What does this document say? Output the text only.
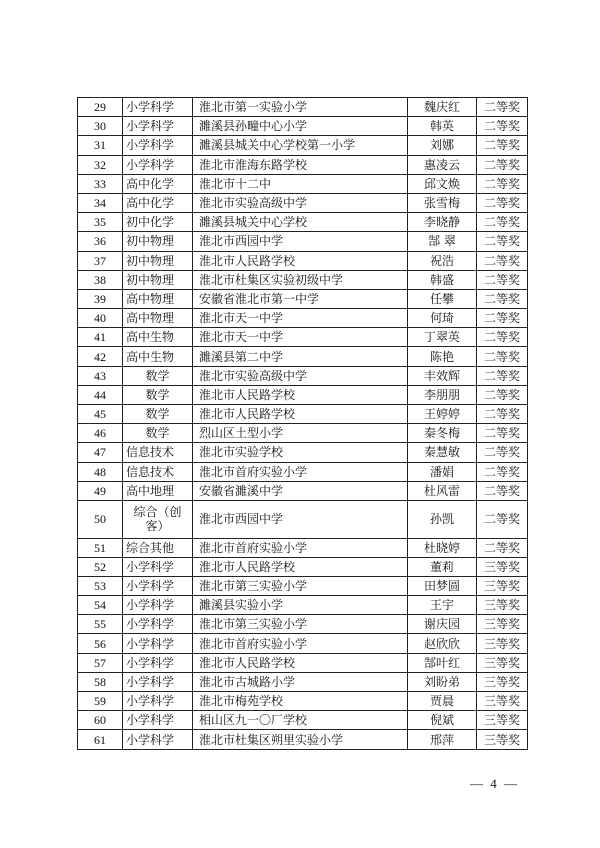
29	小学科学	淮北市第一实验小学	魏庆红	二等奖
30	小学科学	濉溪县孙疃中心小学	韩英	二等奖
31	小学科学	濉溪县城关中心学校第一小学	刘娜	二等奖
32	小学科学	淮北市淮海东路学校	惠凌云	二等奖
33	高中化学	淮北市十二中	邱文焕	二等奖
34	高中化学	淮北市实验高级中学	张雪梅	二等奖
35	初中化学	濉溪县城关中心学校	李晓静	二等奖
36	初中物理	淮北市西园中学	郜 翠	二等奖
37	初中物理	淮北市人民路学校	祝浩	二等奖
38	初中物理	淮北市杜集区实验初级中学	韩盛	二等奖
39	高中物理	安徽省淮北市第一中学	任攀	二等奖
40	高中物理	淮北市天一中学	何琦	二等奖
41	高中生物	淮北市天一中学	丁翠英	二等奖
42	高中生物	濉溪县第二中学	陈艳	二等奖
43	数学	淮北市实验高级中学	丰效辉	二等奖
44	数学	淮北市人民路学校	李朋朋	二等奖
45	数学	淮北市人民路学校	王婷婷	二等奖
46	数学	烈山区土型小学	秦冬梅	二等奖
47	信息技术	淮北市实验学校	秦慧敏	二等奖
48	信息技术	淮北市首府实验小学	潘娟	二等奖
49	高中地理	安徽省濉溪中学	杜风雷	二等奖
50	综合（创客）	淮北市西园中学	孙凯	二等奖
51	综合其他	淮北市首府实验小学	杜晓婷	二等奖
52	小学科学	淮北市人民路学校	董莉	三等奖
53	小学科学	淮北市第三实验小学	田梦圆	三等奖
54	小学科学	濉溪县实验小学	王宇	三等奖
55	小学科学	淮北市第三实验小学	谢庆园	三等奖
56	小学科学	淮北市首府实验小学	赵欣欣	三等奖
57	小学科学	淮北市人民路学校	郜叶红	三等奖
58	小学科学	淮北市古城路小学	刘盼弟	三等奖
59	小学科学	淮北市梅苑学校	贾晨	三等奖
60	小学科学	相山区九一〇厂学校	倪斌	三等奖
61	小学科学	淮北市杜集区朔里实验小学	邢萍	三等奖
— 4 —
